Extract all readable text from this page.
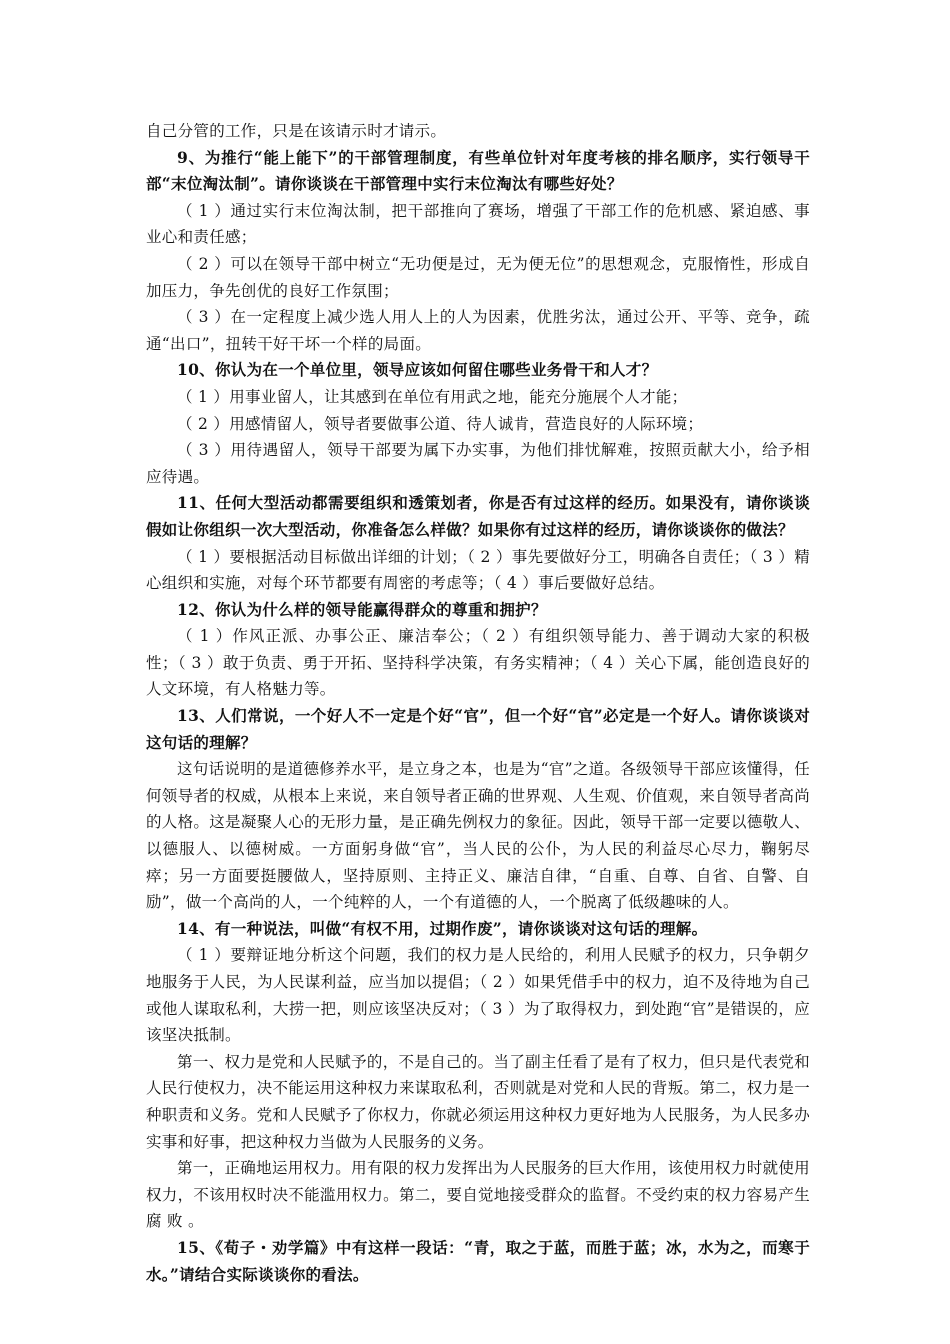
自己分管的工作，只是在该请示时才请示。

9、为推行“能上能下”的干部管理制度，有些单位针对年度考核的排名顺序，实行领导干部“末位淘汰制”。请你谈谈在干部管理中实行末位淘汰有哪些好处？

（ 1 ）通过实行末位淘汰制，把干部推向了赛场，增强了干部工作的危机感、紧迫感、事业心和责任感；

（ 2 ）可以在领导干部中树立“无功便是过，无为便无位”的思想观念，克服惰性，形成自加压力，争先创优的良好工作氛围；

（ 3 ）在一定程度上减少选人用人上的人为因素，优胜劣汰，通过公开、平等、竞争，疏通“出口”，扭转干好干坏一个样的局面。

10、你认为在一个单位里，领导应该如何留住哪些业务骨干和人才？

（ 1 ）用事业留人，让其感到在单位有用武之地，能充分施展个人才能；

（ 2 ）用感情留人，领导者要做事公道、待人诚肯，营造良好的人际环境；

（ 3 ）用待遇留人，领导干部要为属下办实事，为他们排忧解难，按照贡献大小，给予相应待遇。

11、任何大型活动都需要组织和透策划者，你是否有过这样的经历。如果没有，请你谈谈假如让你组织一次大型活动，你准备怎么样做？如果你有过这样的经历，请你谈谈你的做法？

（ 1 ）要根据活动目标做出详细的计划；（ 2 ）事先要做好分工，明确各自责任；（ 3 ）精心组织和实施，对每个环节都要有周密的考虑等；（ 4 ）事后要做好总结。

12、你认为什么样的领导能赢得群众的尊重和拥护？

（ 1 ）作风正派、办事公正、廉洁奉公；（ 2 ）有组织领导能力、善于调动大家的积极性；（ 3 ）敢于负责、勇于开拓、坚持科学决策，有务实精神；（ 4 ）关心下属，能创造良好的人文环境，有人格魅力等。

13、人们常说，一个好人不一定是个好“官”，但一个好“官”必定是一个好人。请你谈谈对这句话的理解？

这句话说明的是道德修养水平，是立身之本，也是为“官”之道。各级领导干部应该懂得，任何领导者的权威，从根本上来说，来自领导者正确的世界观、人生观、价值观，来自领导者高尚的人格。这是凝聚人心的无形力量，是正确先例权力的象征。因此，领导干部一定要以德敬人、以德服人、以德树威。一方面躬身做“官”，当人民的公仆，为人民的利益尽心尽力，鞠躬尽瘁；另一方面要挺腰做人，坚持原则、主持正义、廉洁自律，“自重、自尊、自省、自警、自励”，做一个高尚的人，一个纯粹的人，一个有道德的人，一个脱离了低级趣味的人。

14、有一种说法，叫做“有权不用，过期作废”，请你谈谈对这句话的理解。

（ 1 ）要辩证地分析这个问题，我们的权力是人民给的，利用人民赋予的权力，只争朝夕地服务于人民，为人民谋利益，应当加以提倡；（ 2 ）如果凭借手中的权力，迫不及待地为自己或他人谋取私利，大捞一把，则应该坚决反对；（ 3 ）为了取得权力，到处跑“官”是错误的，应该坚决抵制。

第一、权力是党和人民赋予的，不是自己的。当了副主任看了是有了权力，但只是代表党和人民行使权力，决不能运用这种权力来谋取私利，否则就是对党和人民的背叛。第二，权力是一种职责和义务。党和人民赋予了你权力，你就必须运用这种权力更好地为人民服务，为人民多办实事和好事，把这种权力当做为人民服务的义务。

第一，正确地运用权力。用有限的权力发挥出为人民服务的巨大作用，该使用权力时就使用权力，不该用权时决不能滥用权力。第二，要自觉地接受群众的监督。不受约束的权力容易产生 腐 败 。

15、《荀子・劝学篇》中有这样一段话：“青，取之于蓝，而胜于蓝；冰，水为之，而寒于水。”请结合实际谈谈你的看法。
